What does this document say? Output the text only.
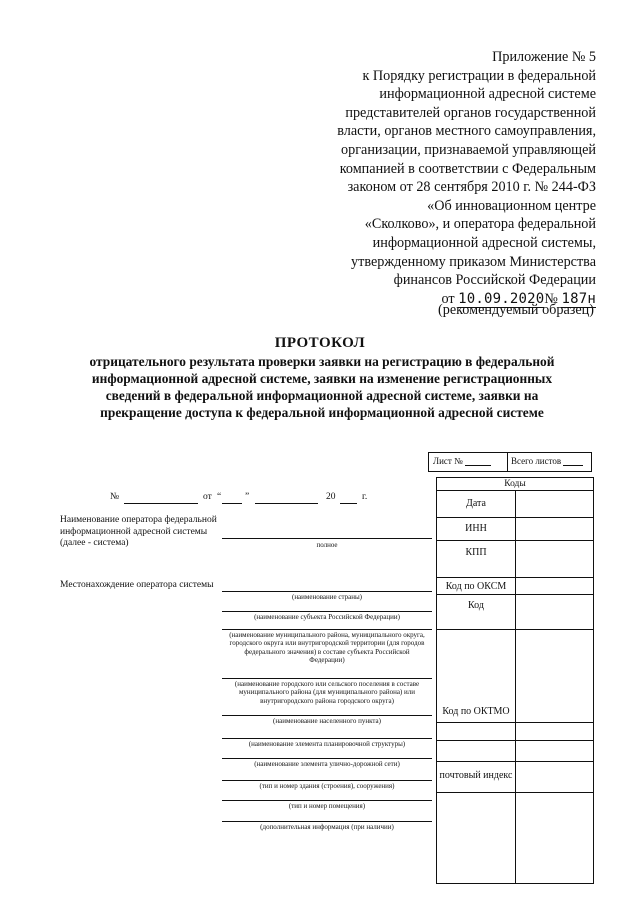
Приложение № 5
к Порядку регистрации в федеральной
информационной адресной системе
представителей органов государственной
власти, органов местного самоуправления,
организации, признаваемой управляющей
компанией в соответствии с Федеральным
законом от 28 сентября 2010 г. № 244-ФЗ
«Об инновационном центре
«Сколково», и оператора федеральной
информационной адресной системы,
утвержденному приказом Министерства
финансов Российской Федерации
от 10.09.2020№ 187н
(рекомендуемый образец)
ПРОТОКОЛ
отрицательного результата проверки заявки на регистрацию в федеральной
информационной адресной системе, заявки на изменение регистрационных
сведений в федеральной информационной адресной системе, заявки на
прекращение доступа к федеральной информационной адресной системе
Лист №	Всего листов
Коды
Дата
ИНН
КПП
Код по ОКСМ
Код
Код по ОКТМО
почтовый индекс
№	от “	”	20	г.
Наименование оператора федеральной информационной адресной системы (далее - система)	полное
Местонахождение оператора системы
(наименование страны)
(наименование субъекта Российской Федерации)
(наименование муниципального района, муниципального округа, городского округа или внутригородской территории (для городов федерального значения) в составе субъекта Российской Федерации)
(наименование городского или сельского поселения в составе муниципального района (для муниципального района) или внутригородского района городского округа)
(наименование населенного пункта)
(наименование элемента планировочной структуры)
(наименование элемента улично-дорожной сети)
(тип и номер здания (строения), сооружения)
(тип и номер помещения)
(дополнительная информация (при наличии)
